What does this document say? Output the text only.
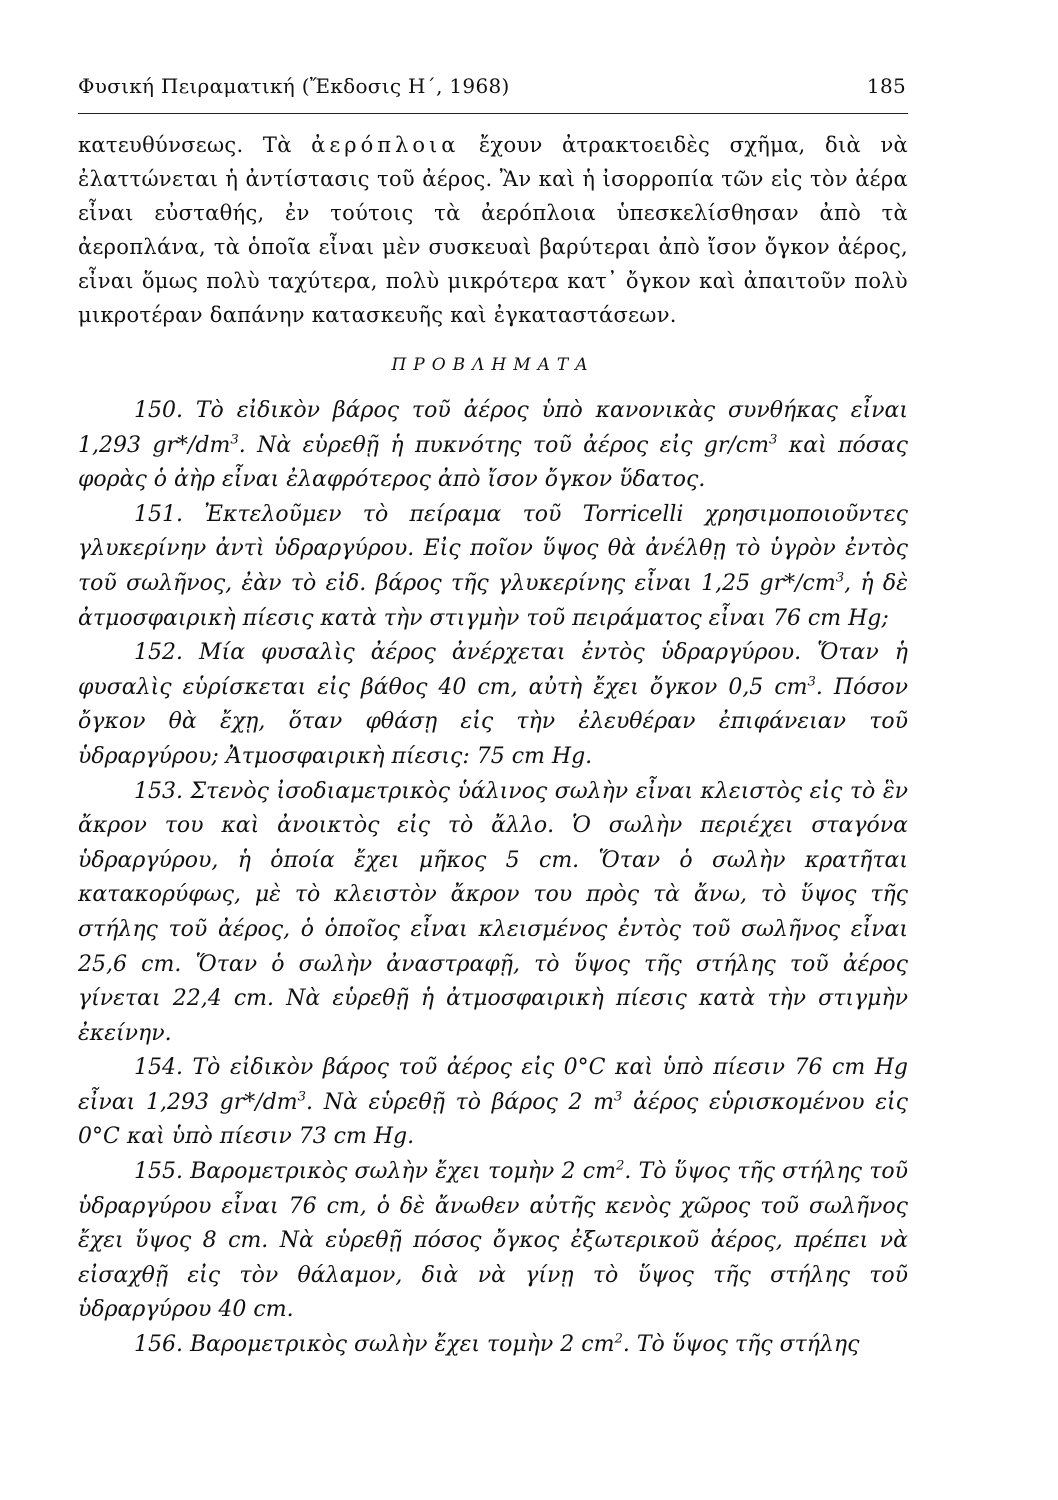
Φυσική Πειραματική (Ἔκδοσις Η΄, 1968)	185

κατευθύνσεως. Τὰ ἀερόπλοια ἔχουν ἀτρακτοειδὲς σχῆμα, διὰ νὰ ἐλαττώνεται ἡ ἀντίστασις τοῦ ἀέρος. Ἂν καὶ ἡ ἰσορροπία τῶν εἰς τὸν ἀέρα εἶναι εὐσταθής, ἐν τούτοις τὰ ἀερόπλοια ὑπεσκελίσθησαν ἀπὸ τὰ ἀεροπλάνα, τὰ ὁποῖα εἶναι μὲν συσκευαὶ βαρύτεραι ἀπὸ ἴσον ὄγκον ἀέρος, εἶναι ὅμως πολὺ ταχύτερα, πολὺ μικρότερα κατ᾽ ὄγκον καὶ ἀπαιτοῦν πολὺ μικροτέραν δαπάνην κατασκευῆς καὶ ἐγκαταστάσεων.

ΠΡΟΒΛΗΜΑΤΑ

150. Τὸ εἰδικὸν βάρος τοῦ ἀέρος ὑπὸ κανονικὰς συνθήκας εἶναι 1,293 $gr*/dm^3$. Νὰ εὑρεθῇ ἡ πυκνότης τοῦ ἀέρος εἰς $gr/cm^3$ καὶ πόσας φορὰς ὁ ἀὴρ εἶναι ἐλαφρότερος ἀπὸ ἴσον ὄγκον ὕδατος.

151. Ἐκτελοῦμεν τὸ πείραμα τοῦ Torricelli χρησιμοποιοῦντες γλυκερίνην ἀντὶ ὑδραργύρου. Εἰς ποῖον ὕψος θὰ ἀνέλθῃ τὸ ὑγρὸν ἐντὸς τοῦ σωλῆνος, ἐὰν τὸ εἰδ. βάρος τῆς γλυκερίνης εἶναι 1,25 $gr*/cm^3$, ἡ δὲ ἀτμοσφαιρικὴ πίεσις κατὰ τὴν στιγμὴν τοῦ πειράματος εἶναι 76 cm Hg;

152. Μία φυσαλὶς ἀέρος ἀνέρχεται ἐντὸς ὑδραργύρου. Ὅταν ἡ φυσαλὶς εὑρίσκεται εἰς βάθος 40 cm, αὐτὴ ἔχει ὄγκον 0,5 $cm^3$. Πόσον ὄγκον θὰ ἔχῃ, ὅταν φθάσῃ εἰς τὴν ἐλευθέραν ἐπιφάνειαν τοῦ ὑδραργύρου; Ἀτμοσφαιρικὴ πίεσις: 75 cm Hg.

153. Στενὸς ἰσοδιαμετρικὸς ὑάλινος σωλὴν εἶναι κλειστὸς εἰς τὸ ἓν ἄκρον του καὶ ἀνοικτὸς εἰς τὸ ἄλλο. Ὁ σωλὴν περιέχει σταγόνα ὑδραργύρου, ἡ ὁποία ἔχει μῆκος 5 cm. Ὅταν ὁ σωλὴν κρατῆται κατακορύφως, μὲ τὸ κλειστὸν ἄκρον του πρὸς τὰ ἄνω, τὸ ὕψος τῆς στήλης τοῦ ἀέρος, ὁ ὁποῖος εἶναι κλεισμένος ἐντὸς τοῦ σωλῆνος εἶναι 25,6 cm. Ὅταν ὁ σωλὴν ἀναστραφῇ, τὸ ὕψος τῆς στήλης τοῦ ἀέρος γίνεται 22,4 cm. Νὰ εὑρεθῇ ἡ ἀτμοσφαιρικὴ πίεσις κατὰ τὴν στιγμὴν ἐκείνην.

154. Τὸ εἰδικὸν βάρος τοῦ ἀέρος εἰς 0°C καὶ ὑπὸ πίεσιν 76 cm Hg εἶναι 1,293 $gr*/dm^3$. Νὰ εὑρεθῇ τὸ βάρος 2 $m^3$ ἀέρος εὑρισκομένου εἰς 0°C καὶ ὑπὸ πίεσιν 73 cm Hg.

155. Βαρομετρικὸς σωλὴν ἔχει τομὴν 2 $cm^2$. Τὸ ὕψος τῆς στήλης τοῦ ὑδραργύρου εἶναι 76 cm, ὁ δὲ ἄνωθεν αὐτῆς κενὸς χῶρος τοῦ σωλῆνος ἔχει ὕψος 8 cm. Νὰ εὑρεθῇ πόσος ὄγκος ἐξωτερικοῦ ἀέρος, πρέπει νὰ εἰσαχθῇ εἰς τὸν θάλαμον, διὰ νὰ γίνῃ τὸ ὕψος τῆς στήλης τοῦ ὑδραργύρου 40 cm.

156. Βαρομετρικὸς σωλὴν ἔχει τομὴν 2 $cm^2$. Τὸ ὕψος τῆς στήλης
